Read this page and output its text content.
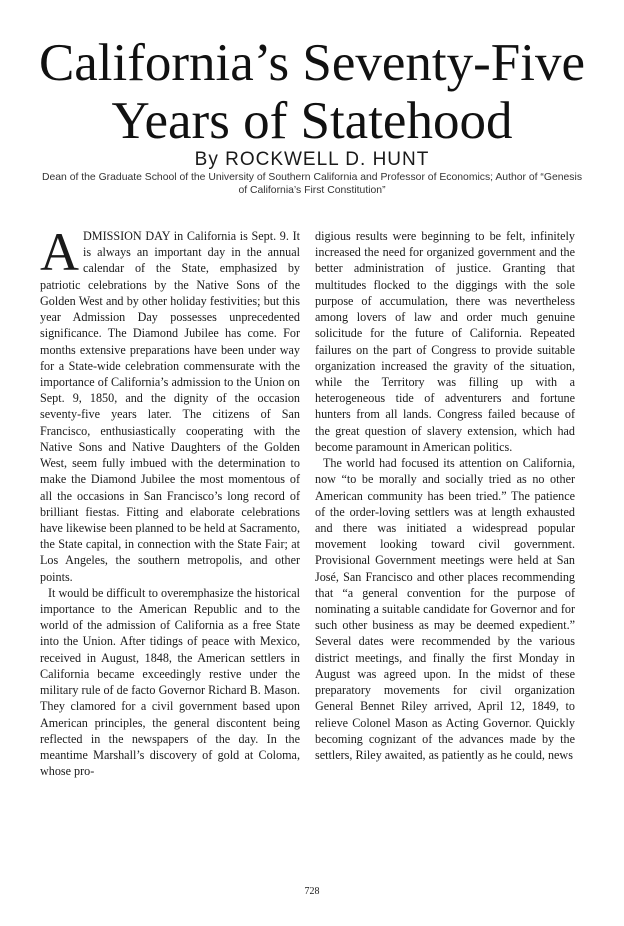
California’s Seventy-Five
Years of Statehood
By ROCKWELL D. HUNT
Dean of the Graduate School of the University of Southern California and Professor of Economics; Author of “Genesis of California’s First Constitution”

ADMISSION DAY in California is Sept. 9. It is always an important day in the annual calendar of the State, emphasized by patriotic celebrations by the Native Sons of the Golden West and by other holiday festivities; but this year Admission Day possesses unprecedented significance. The Diamond Jubilee has come. For months extensive preparations have been under way for a State-wide celebration commensurate with the importance of California’s admission to the Union on Sept. 9, 1850, and the dignity of the occasion seventy-five years later. The citizens of San Francisco, enthusiastically cooperating with the Native Sons and Native Daughters of the Golden West, seem fully imbued with the determination to make the Diamond Jubilee the most momentous of all the occasions in San Francisco’s long record of brilliant fiestas. Fitting and elaborate celebrations have likewise been planned to be held at Sacramento, the State capital, in connection with the State Fair; at Los Angeles, the southern metropolis, and other points.

It would be difficult to overemphasize the historical importance to the American Republic and to the world of the admission of California as a free State into the Union. After tidings of peace with Mexico, received in August, 1848, the American settlers in California became exceedingly restive under the military rule of de facto Governor Richard B. Mason. They clamored for a civil government based upon American principles, the general discontent being reflected in the newspapers of the day. In the meantime Marshall’s discovery of gold at Coloma, whose pro-

digious results were beginning to be felt, infinitely increased the need for organized government and the better administration of justice. Granting that multitudes flocked to the diggings with the sole purpose of accumulation, there was nevertheless among lovers of law and order much genuine solicitude for the future of California. Repeated failures on the part of Congress to provide suitable organization increased the gravity of the situation, while the Territory was filling up with a heterogeneous tide of adventurers and fortune hunters from all lands. Congress failed because of the great question of slavery extension, which had become paramount in American politics.

The world had focused its attention on California, now “to be morally and socially tried as no other American community has been tried.” The patience of the order-loving settlers was at length exhausted and there was initiated a widespread popular movement looking toward civil government. Provisional Government meetings were held at San José, San Francisco and other places recommending that “a general convention for the purpose of nominating a suitable candidate for Governor and for such other business as may be deemed expedient.” Several dates were recommended by the various district meetings, and finally the first Monday in August was agreed upon. In the midst of these preparatory movements for civil organization General Bennet Riley arrived, April 12, 1849, to relieve Colonel Mason as Acting Governor. Quickly becoming cognizant of the advances made by the settlers, Riley awaited, as patiently as he could, news

728
